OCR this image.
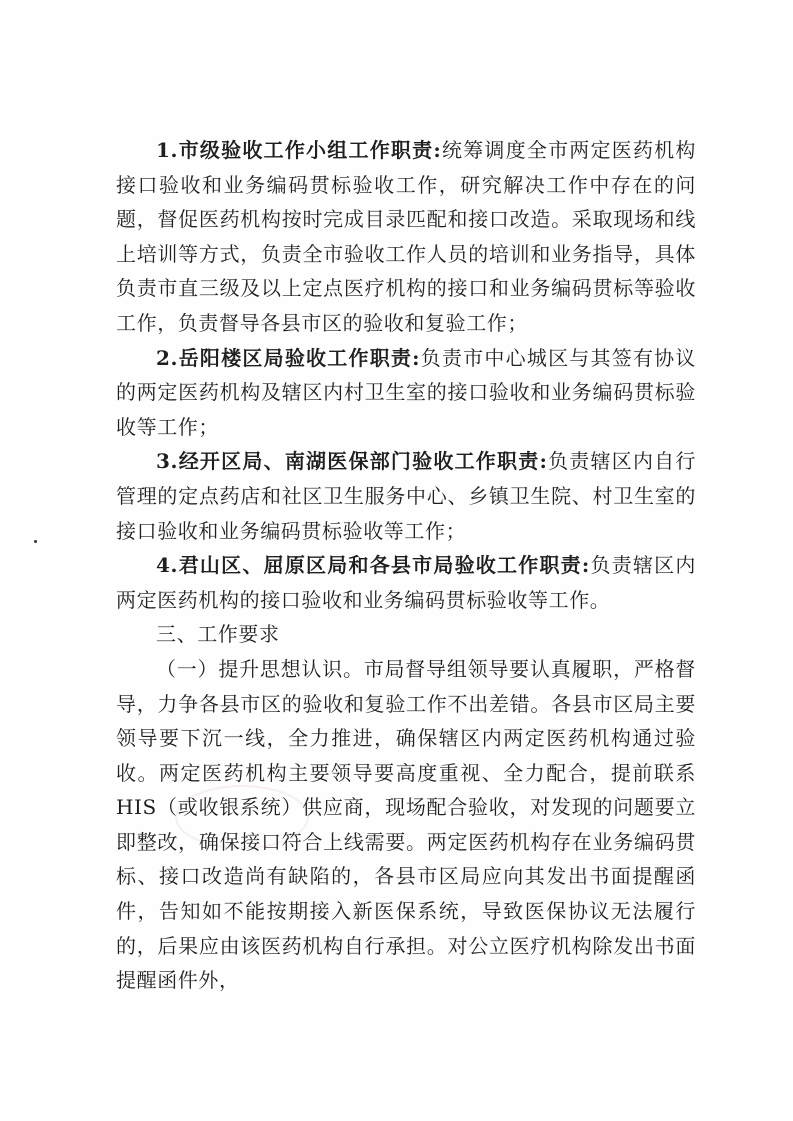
1.市级验收工作小组工作职责:统筹调度全市两定医药机构接口验收和业务编码贯标验收工作，研究解决工作中存在的问题，督促医药机构按时完成目录匹配和接口改造。采取现场和线上培训等方式，负责全市验收工作人员的培训和业务指导，具体负责市直三级及以上定点医疗机构的接口和业务编码贯标等验收工作，负责督导各县市区的验收和复验工作；

2.岳阳楼区局验收工作职责:负责市中心城区与其签有协议的两定医药机构及辖区内村卫生室的接口验收和业务编码贯标验收等工作；

3.经开区局、南湖医保部门验收工作职责:负责辖区内自行管理的定点药店和社区卫生服务中心、乡镇卫生院、村卫生室的接口验收和业务编码贯标验收等工作；

4.君山区、屈原区局和各县市局验收工作职责:负责辖区内两定医药机构的接口验收和业务编码贯标验收等工作。

三、工作要求

（一）提升思想认识。市局督导组领导要认真履职，严格督导，力争各县市区的验收和复验工作不出差错。各县市区局主要领导要下沉一线，全力推进，确保辖区内两定医药机构通过验收。两定医药机构主要领导要高度重视、全力配合，提前联系 HIS（或收银系统）供应商，现场配合验收，对发现的问题要立即整改，确保接口符合上线需要。两定医药机构存在业务编码贯标、接口改造尚有缺陷的，各县市区局应向其发出书面提醒函件，告知如不能按期接入新医保系统，导致医保协议无法履行的，后果应由该医药机构自行承担。对公立医疗机构除发出书面提醒函件外，
